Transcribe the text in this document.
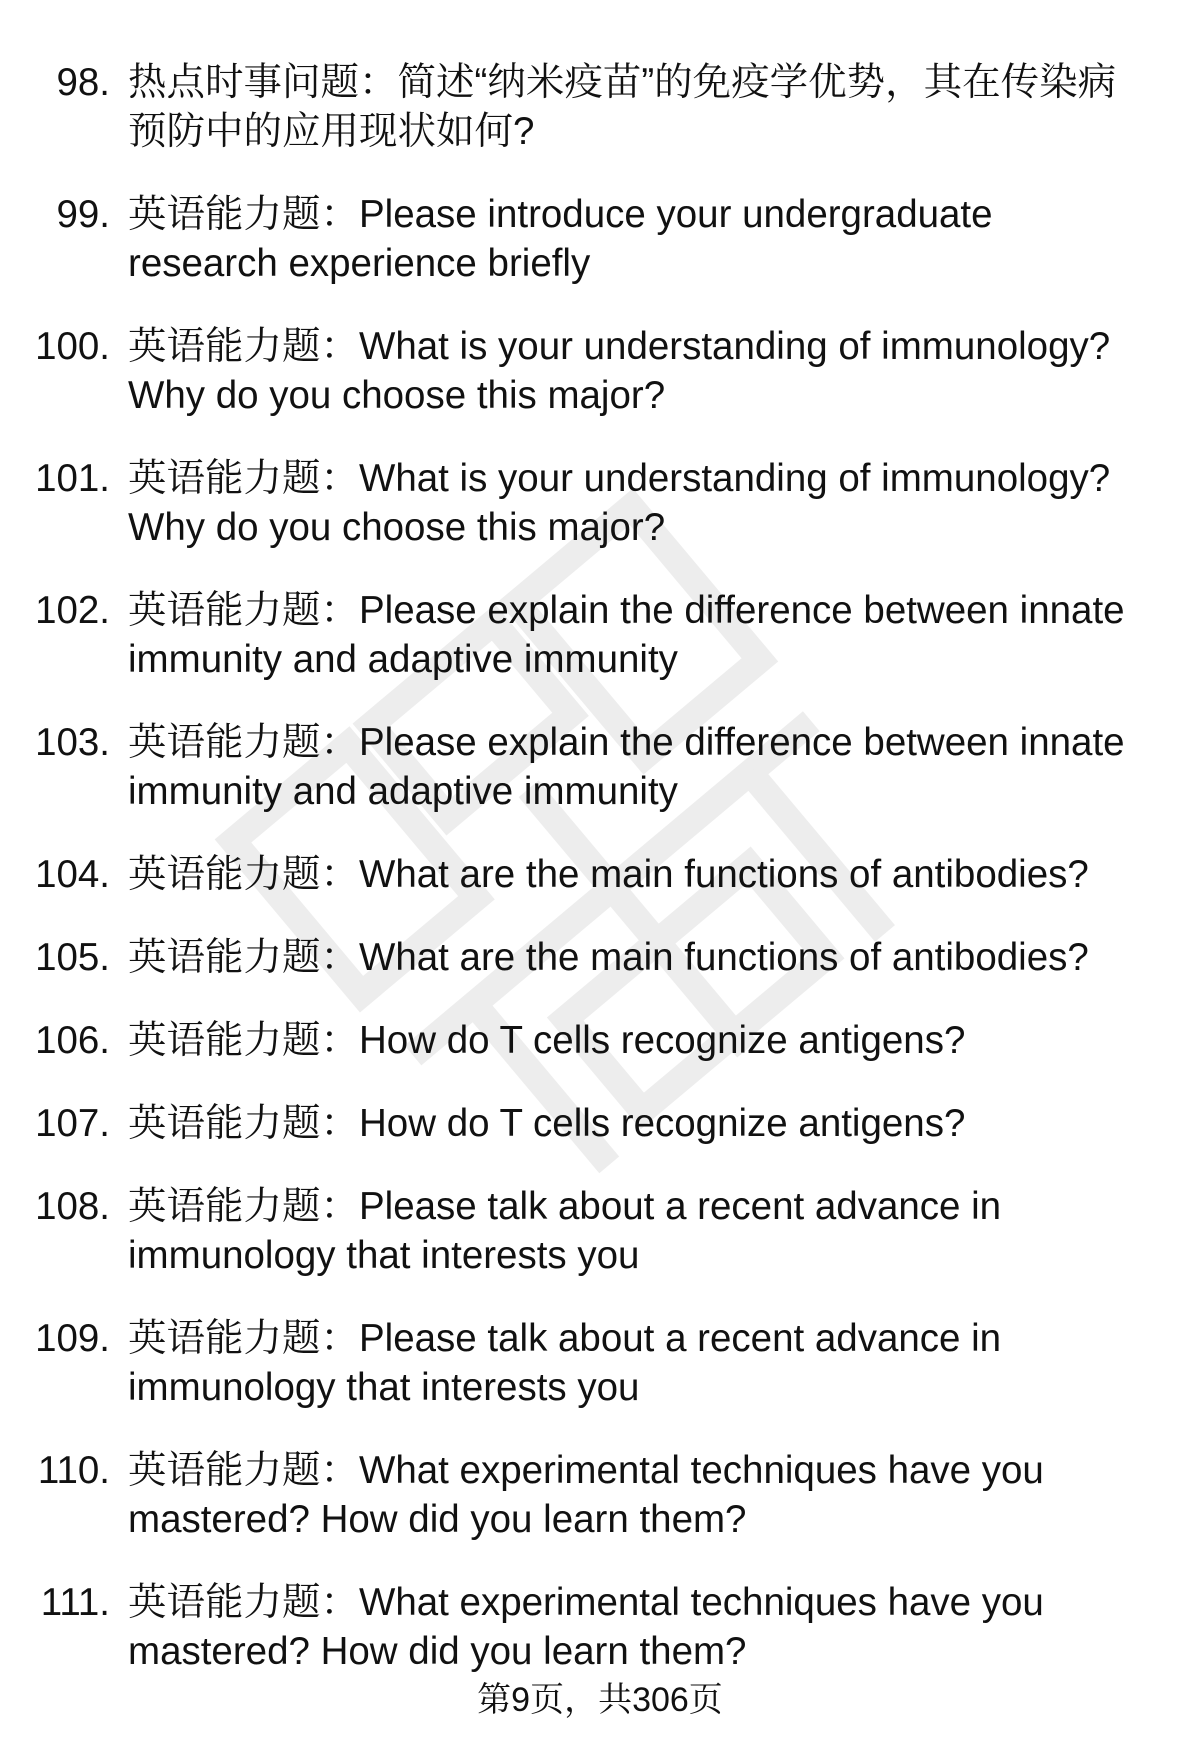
98. 热点时事问题：简述“纳米疫苗”的免疫学优势，其在传染病预防中的应用现状如何?
99. 英语能力题：Please introduce your undergraduate research experience briefly
100. 英语能力题：What is your understanding of immunology? Why do you choose this major?
101. 英语能力题：What is your understanding of immunology? Why do you choose this major?
102. 英语能力题：Please explain the difference between innate immunity and adaptive immunity
103. 英语能力题：Please explain the difference between innate immunity and adaptive immunity
104. 英语能力题：What are the main functions of antibodies?
105. 英语能力题：What are the main functions of antibodies?
106. 英语能力题：How do T cells recognize antigens?
107. 英语能力题：How do T cells recognize antigens?
108. 英语能力题：Please talk about a recent advance in immunology that interests you
109. 英语能力题：Please talk about a recent advance in immunology that interests you
110. 英语能力题：What experimental techniques have you mastered? How did you learn them?
111. 英语能力题：What experimental techniques have you mastered? How did you learn them?
第9页，共306页
